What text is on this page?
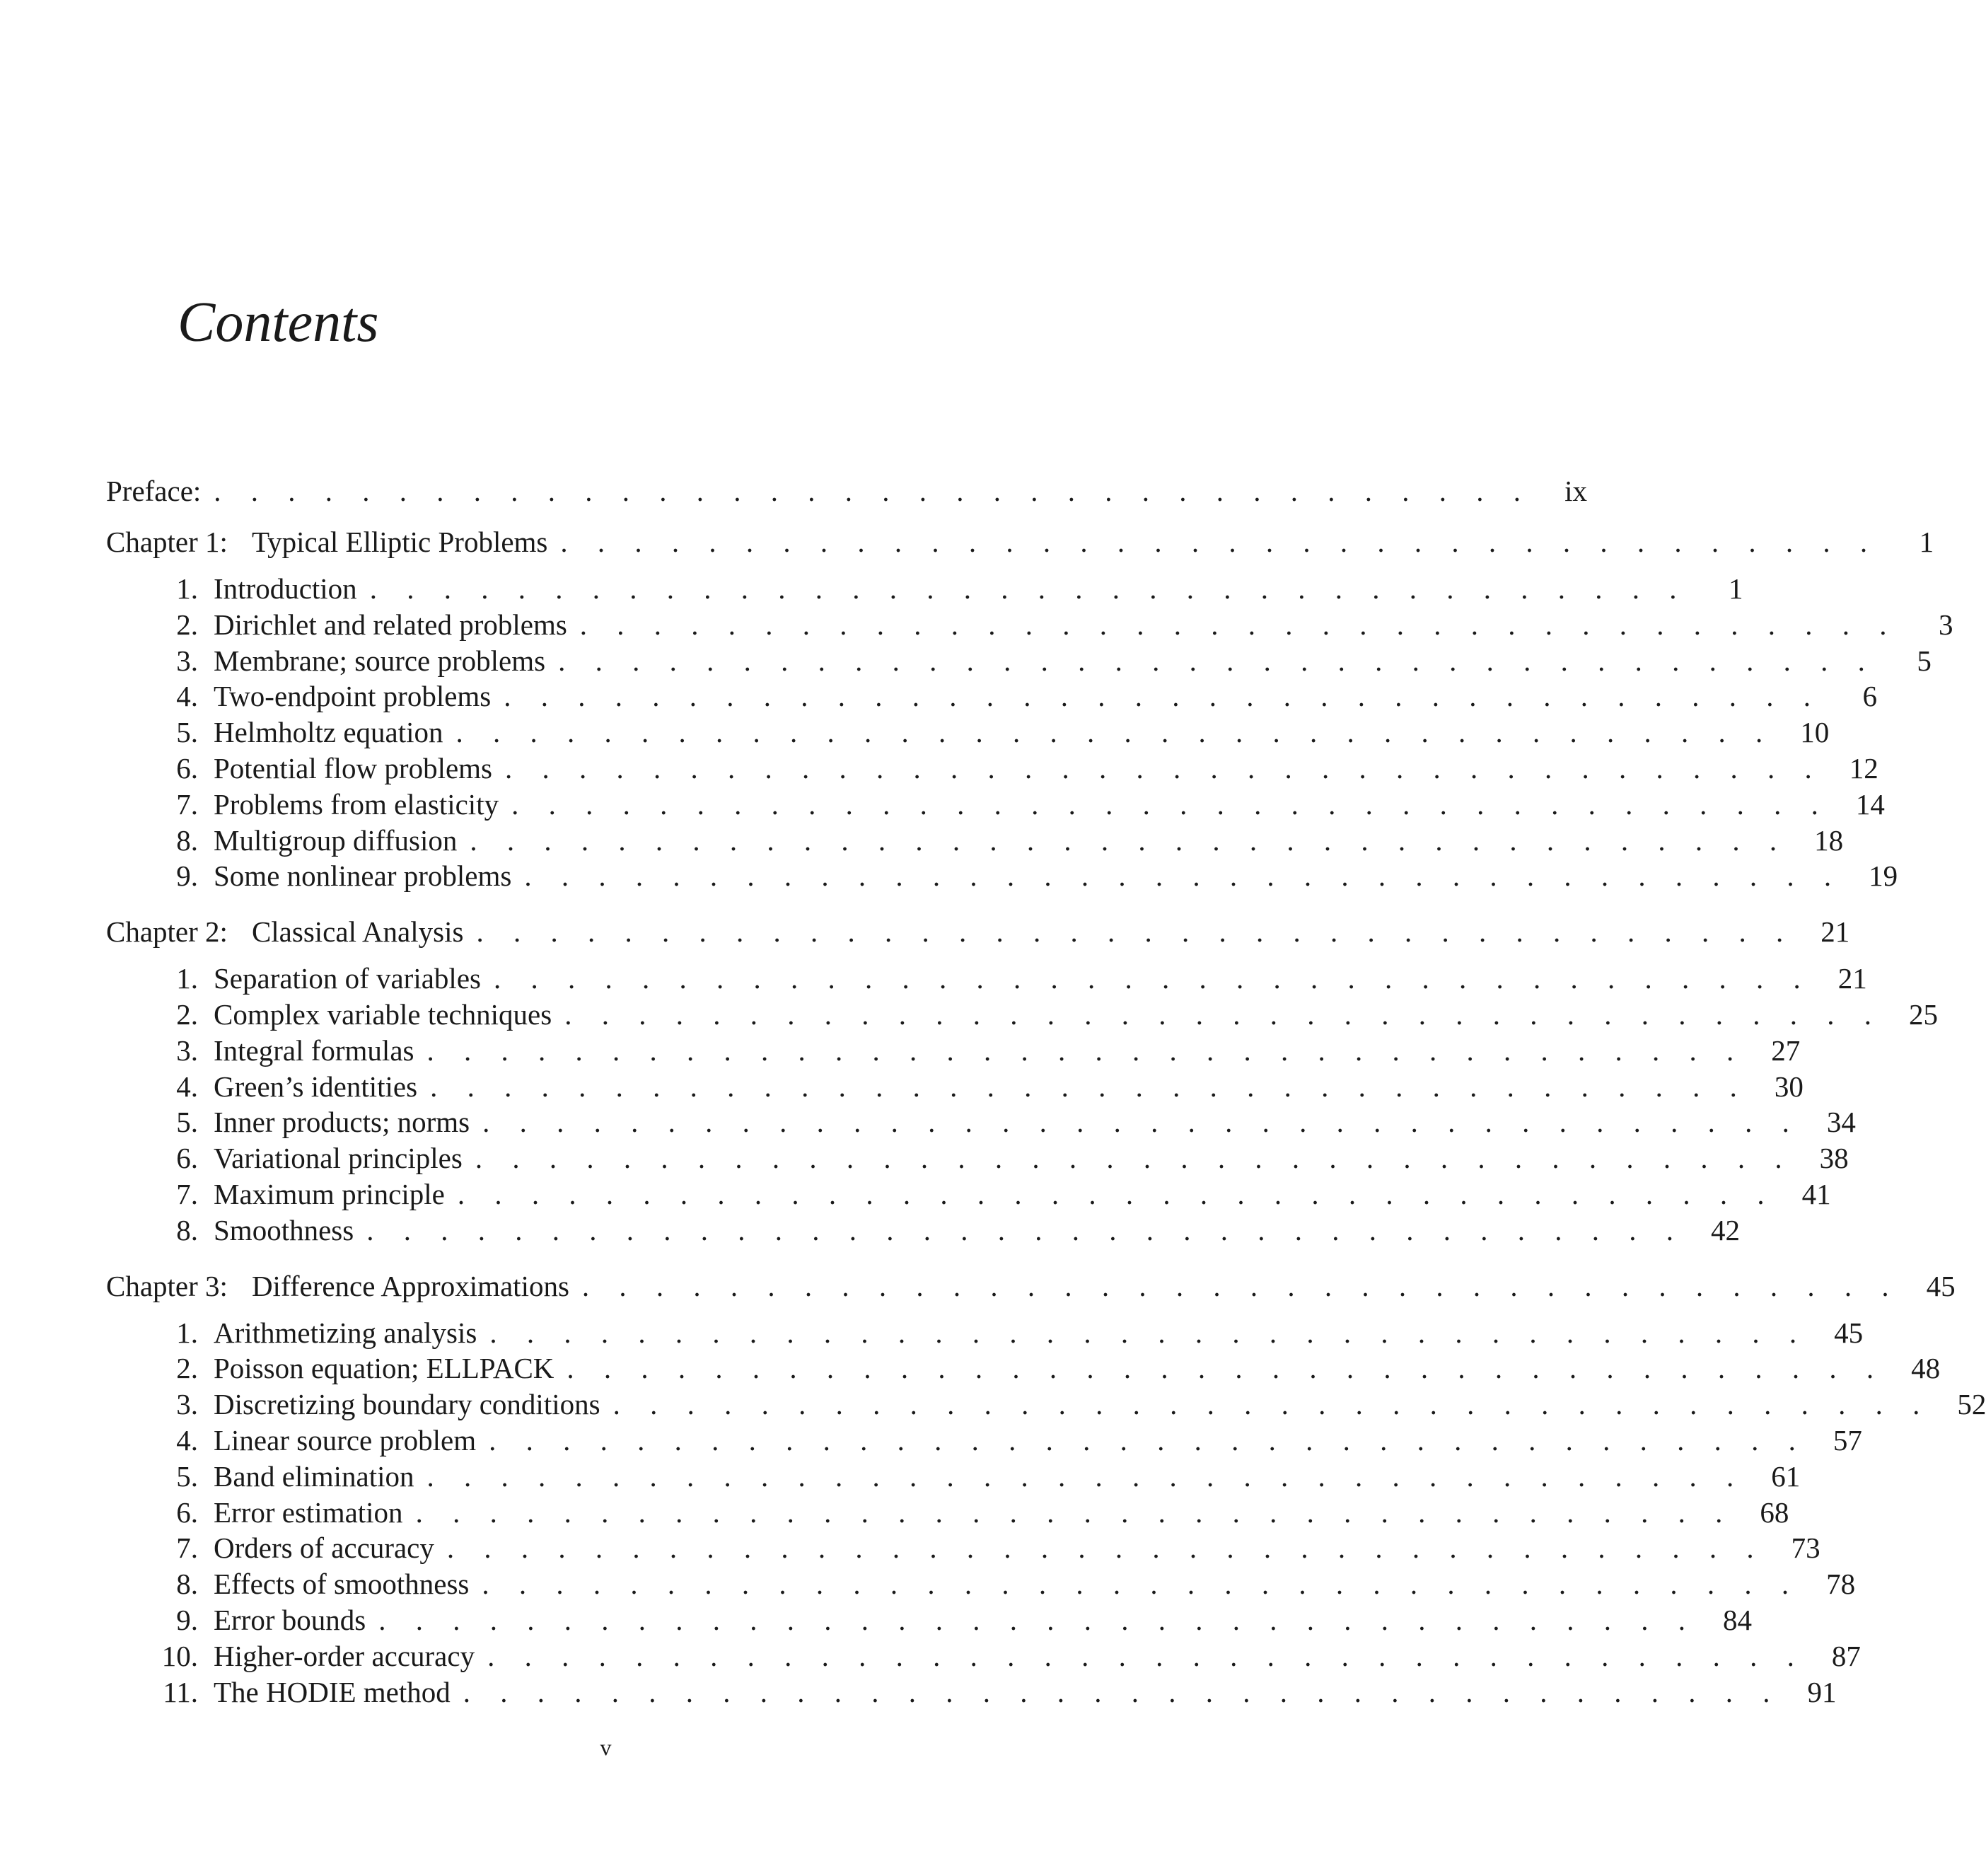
Contents
Preface: . . . . . . . . . . . . . . . . . . . . . . . . . . . . . . . . . . . .	ix
Chapter 1: Typical Elliptic Problems . . . . . . . . . . . . . . . . . . . . . . . . . . . . . . . . . . . .	1
1. Introduction . . . . . . . . . . . . . . . . . . . . . . . . . . . . . . . . . . . .	1
2. Dirichlet and related problems . . . . . . . . . . . . . . . . . . . . . . . . . . . . . . . . . . . .	3
3. Membrane; source problems . . . . . . . . . . . . . . . . . . . . . . . . . . . . . . . . . . . .	5
4. Two-endpoint problems . . . . . . . . . . . . . . . . . . . . . . . . . . . . . . . . . . . .	6
5. Helmholtz equation . . . . . . . . . . . . . . . . . . . . . . . . . . . . . . . . . . . . 10
6. Potential flow problems . . . . . . . . . . . . . . . . . . . . . . . . . . . . . . . . . . . . 12
7. Problems from elasticity . . . . . . . . . . . . . . . . . . . . . . . . . . . . . . . . . . . . 14
8. Multigroup diffusion . . . . . . . . . . . . . . . . . . . . . . . . . . . . . . . . . . . . 18
9. Some nonlinear problems . . . . . . . . . . . . . . . . . . . . . . . . . . . . . . . . . . . . 19
Chapter 2: Classical Analysis . . . . . . . . . . . . . . . . . . . . . . . . . . . . . . . . . . . . 21
1. Separation of variables . . . . . . . . . . . . . . . . . . . . . . . . . . . . . . . . . . . . 21
2. Complex variable techniques . . . . . . . . . . . . . . . . . . . . . . . . . . . . . . . . . . . . 25
3. Integral formulas . . . . . . . . . . . . . . . . . . . . . . . . . . . . . . . . . . . . 27
4. Green’s identities . . . . . . . . . . . . . . . . . . . . . . . . . . . . . . . . . . . . 30
5. Inner products; norms . . . . . . . . . . . . . . . . . . . . . . . . . . . . . . . . . . . . 34
6. Variational principles . . . . . . . . . . . . . . . . . . . . . . . . . . . . . . . . . . . . 38
7. Maximum principle . . . . . . . . . . . . . . . . . . . . . . . . . . . . . . . . . . . . 41
8. Smoothness . . . . . . . . . . . . . . . . . . . . . . . . . . . . . . . . . . . . 42
Chapter 3: Difference Approximations . . . . . . . . . . . . . . . . . . . . . . . . . . . . . . . . . . . . 45
1. Arithmetizing analysis . . . . . . . . . . . . . . . . . . . . . . . . . . . . . . . . . . . . 45
2. Poisson equation; ELLPACK . . . . . . . . . . . . . . . . . . . . . . . . . . . . . . . . . . . . 48
3. Discretizing boundary conditions . . . . . . . . . . . . . . . . . . . . . . . . . . . . . . . . . . . . 52
4. Linear source problem . . . . . . . . . . . . . . . . . . . . . . . . . . . . . . . . . . . . 57
5. Band elimination . . . . . . . . . . . . . . . . . . . . . . . . . . . . . . . . . . . . 61
6. Error estimation . . . . . . . . . . . . . . . . . . . . . . . . . . . . . . . . . . . . 68
7. Orders of accuracy . . . . . . . . . . . . . . . . . . . . . . . . . . . . . . . . . . . . 73
8. Effects of smoothness . . . . . . . . . . . . . . . . . . . . . . . . . . . . . . . . . . . . 78
9. Error bounds . . . . . . . . . . . . . . . . . . . . . . . . . . . . . . . . . . . . 84
10. Higher-order accuracy . . . . . . . . . . . . . . . . . . . . . . . . . . . . . . . . . . . . 87
11. The HODIE method . . . . . . . . . . . . . . . . . . . . . . . . . . . . . . . . . . . . 91
v
